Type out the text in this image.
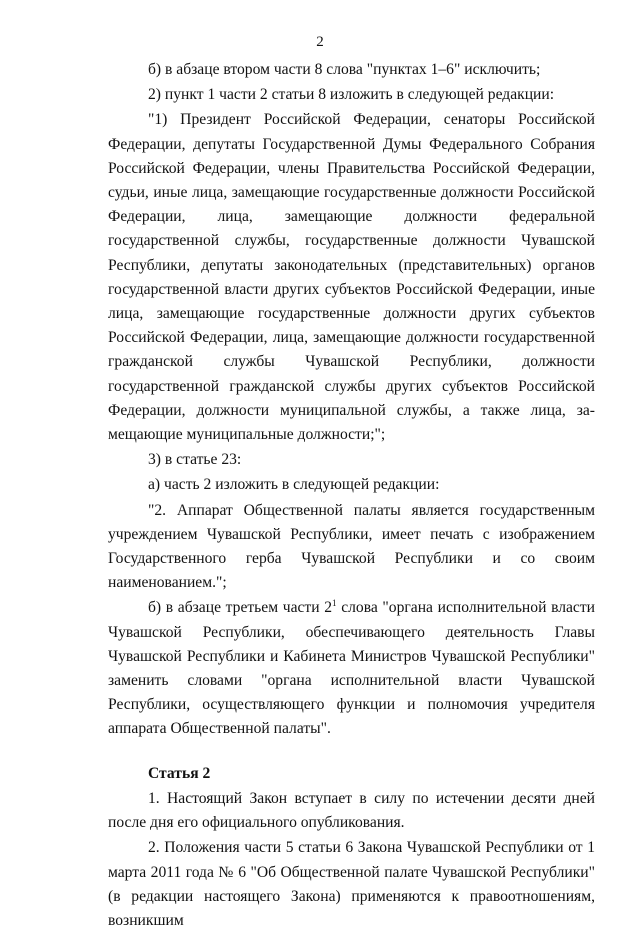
2

б) в абзаце втором части 8 слова "пунктах 1–6" исключить;

2) пункт 1 части 2 статьи 8 изложить в следующей редакции:

"1) Президент Российской Федерации, сенаторы Российской Федерации, депутаты Государственной Думы Федерального Собрания Российской Федерации, члены Правительства Российской Федерации, судьи, иные лица, замещающие государственные должности Российской Федерации, лица, замещающие должности федеральной государственной службы, государственные должности Чувашской Республики, депутаты законодательных (представительных) органов государственной власти других субъектов Российской Федерации, иные лица, замещающие государственные должности других субъектов Российской Федерации, лица, замещающие должности государственной гражданской службы Чувашской Республики, должности государственной гражданской службы других субъектов Российской Федерации, должности муниципальной службы, а также лица, замещающие муниципальные должности;";

3) в статье 23:

а) часть 2 изложить в следующей редакции:

"2. Аппарат Общественной палаты является государственным учреждением Чувашской Республики, имеет печать с изображением Государственного герба Чувашской Республики и со своим наименованием.";

б) в абзаце третьем части $2^1$ слова "органа исполнительной власти Чувашской Республики, обеспечивающего деятельность Главы Чувашской Республики и Кабинета Министров Чувашской Республики" заменить словами "органа исполнительной власти Чувашской Республики, осуществляющего функции и полномочия учредителя аппарата Общественной палаты".

Статья 2

1. Настоящий Закон вступает в силу по истечении десяти дней после дня его официального опубликования.

2. Положения части 5 статьи 6 Закона Чувашской Республики от 1 марта 2011 года № 6 "Об Общественной палате Чувашской Республики" (в редакции настоящего Закона) применяются к правоотношениям, возникшим
